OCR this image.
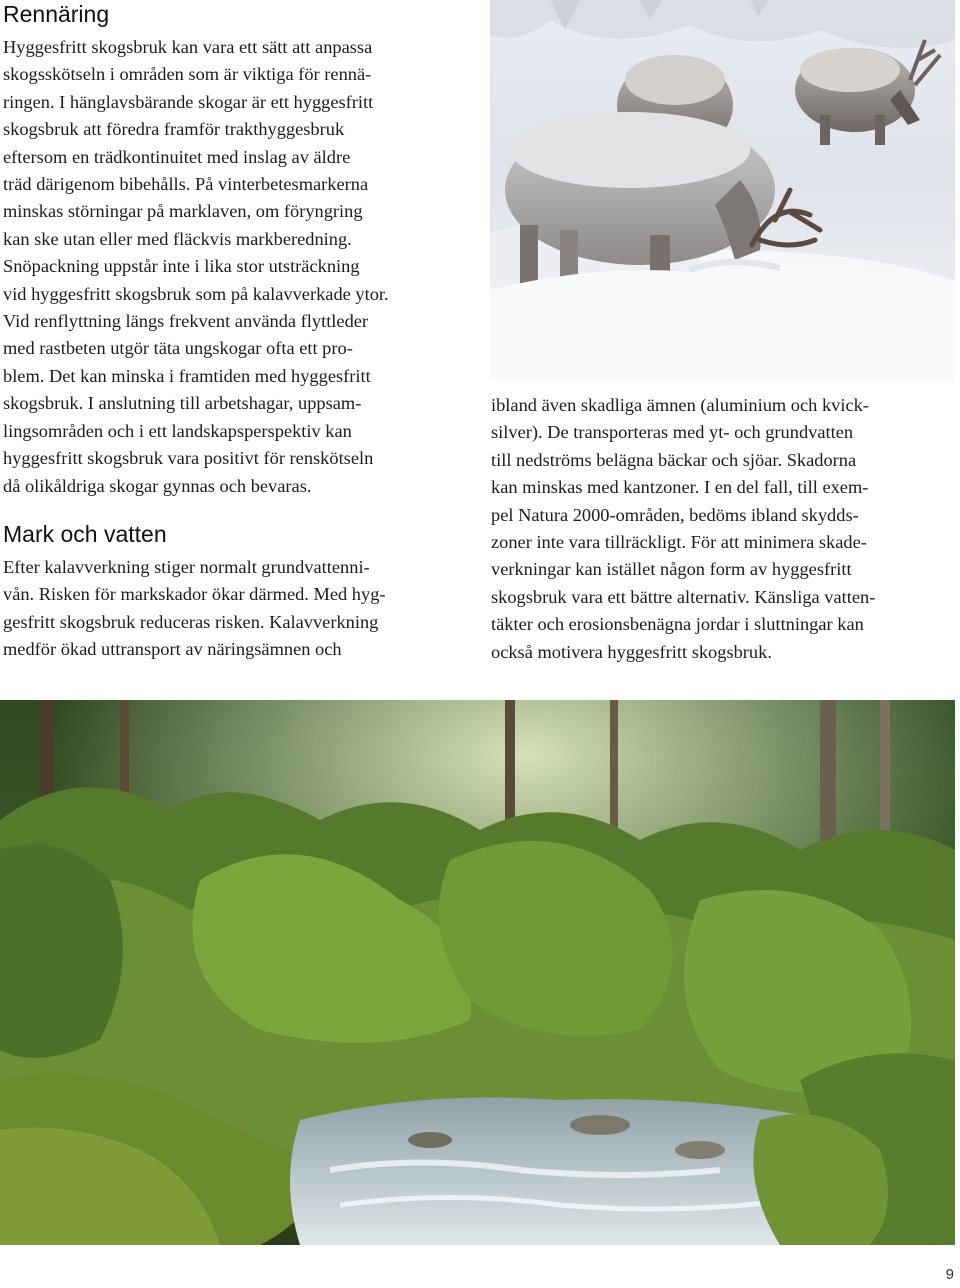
Rennäring
Hyggesfritt skogsbruk kan vara ett sätt att anpassa
skogsskötseln i områden som är viktiga för rennä-
ringen. I hänglavsbärande skogar är ett hyggesfritt
skogsbruk att föredra framför trakthyggesbruk
eftersom en trädkontinuitet med inslag av äldre
träd därigenom bibehålls. På vinterbetesmarkerna
minskas störningar på marklaven, om föryngring
kan ske utan eller med fläckvis markberedning.
Snöpackning uppstår inte i lika stor utsträckning
vid hyggesfritt skogsbruk som på kalavverkade ytor.
Vid renflyttning längs frekvent använda flyttleder
med rastbeten utgör täta ungskogar ofta ett pro-
blem. Det kan minska i framtiden med hyggesfritt
skogsbruk. I anslutning till arbetshagar, uppsam-
lingsområden och i ett landskapsperspektiv kan
hyggesfritt skogsbruk vara positivt för renskötseln
då olikåldriga skogar gynnas och bevaras.
Mark och vatten
Efter kalavverkning stiger normalt grundvattenni-
vån. Risken för markskador ökar därmed. Med hyg-
gesfritt skogsbruk reduceras risken. Kalavverkning
medför ökad uttransport av näringsämnen och
ibland även skadliga ämnen (aluminium och kvick-
silver). De transporteras med yt- och grundvatten
till nedströms belägna bäckar och sjöar. Skadorna
kan minskas med kantzoner. I en del fall, till exem-
pel Natura 2000-områden, bedöms ibland skydds-
zoner inte vara tillräckligt. För att minimera skade-
verkningar kan istället någon form av hyggesfritt
skogsbruk vara ett bättre alternativ. Känsliga vatten-
täkter och erosionsbenägna jordar i sluttningar kan
också motivera hyggesfritt skogsbruk.
9
